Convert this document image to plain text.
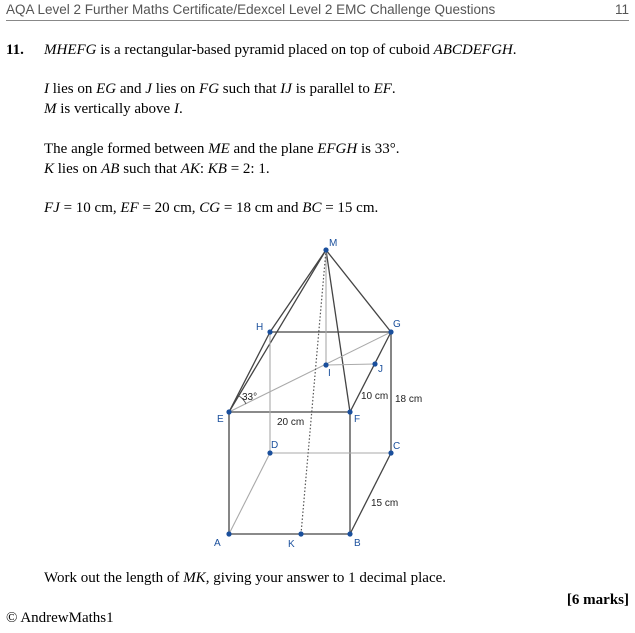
AQA Level 2 Further Maths Certificate/Edexcel Level 2 EMC Challenge Questions	11
11. MHEFG is a rectangular-based pyramid placed on top of cuboid ABCDEFGH.
I lies on EG and J lies on FG such that IJ is parallel to EF.
M is vertically above I.
The angle formed between ME and the plane EFGH is 33°.
K lies on AB such that AK: KB = 2: 1.
FJ = 10 cm, EF = 20 cm, CG = 18 cm and BC = 15 cm.
M
H	G
I	J
E	F
D	C
A	K	B
33°
20 cm
10 cm 18 cm
15 cm
Work out the length of MK, giving your answer to 1 decimal place.
[6 marks]
© AndrewMaths1
